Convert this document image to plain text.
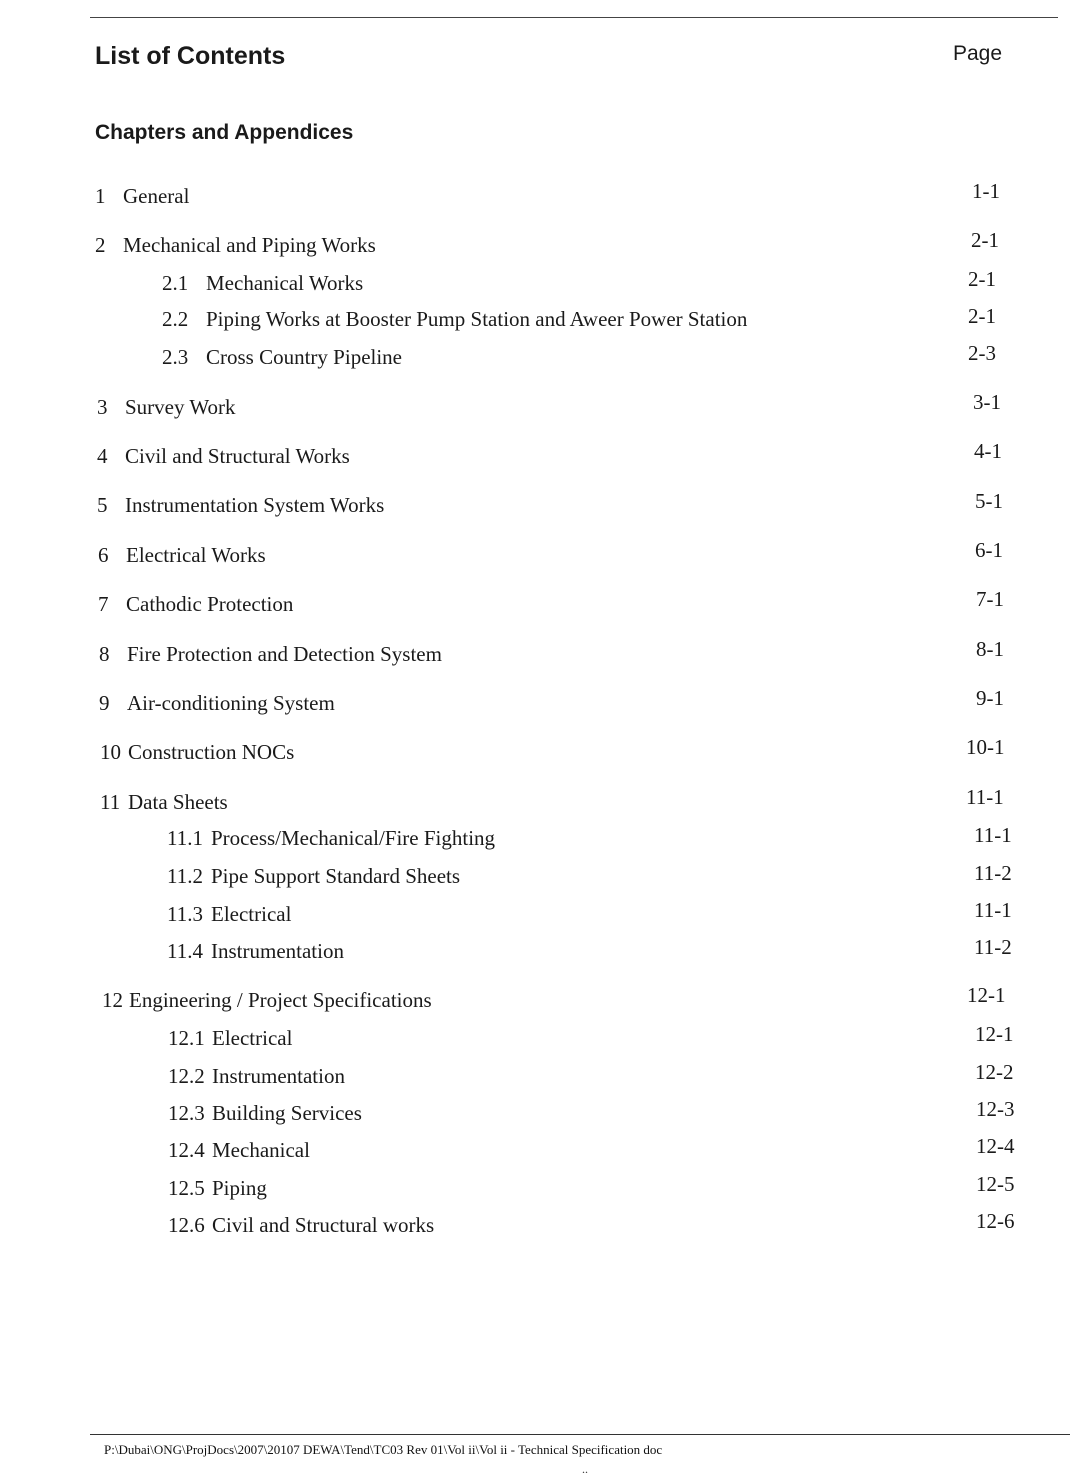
List of Contents	Page
Chapters and Appendices
1 General	1-1
2 Mechanical and Piping Works	2-1
2.1 Mechanical Works	2-1
2.2 Piping Works at Booster Pump Station and Aweer Power Station	2-1
2.3 Cross Country Pipeline	2-3
3 Survey Work	3-1
4 Civil and Structural Works	4-1
5 Instrumentation System Works	5-1
6 Electrical Works	6-1
7 Cathodic Protection	7-1
8 Fire Protection and Detection System	8-1
9 Air-conditioning System	9-1
10 Construction NOCs	10-1
11 Data Sheets	11-1
11.1 Process/Mechanical/Fire Fighting	11-1
11.2 Pipe Support Standard Sheets	11-2
11.3 Electrical	11-1
11.4 Instrumentation	11-2
12 Engineering / Project Specifications	12-1
12.1 Electrical	12-1
12.2 Instrumentation	12-2
12.3 Building Services	12-3
12.4 Mechanical	12-4
12.5 Piping	12-5
12.6 Civil and Structural works	12-6
P:\Dubai\ONG\ProjDocs\2007\20107 DEWA\Tend\TC03 Rev 01\Vol ii\Vol ii - Technical Specification doc
..
